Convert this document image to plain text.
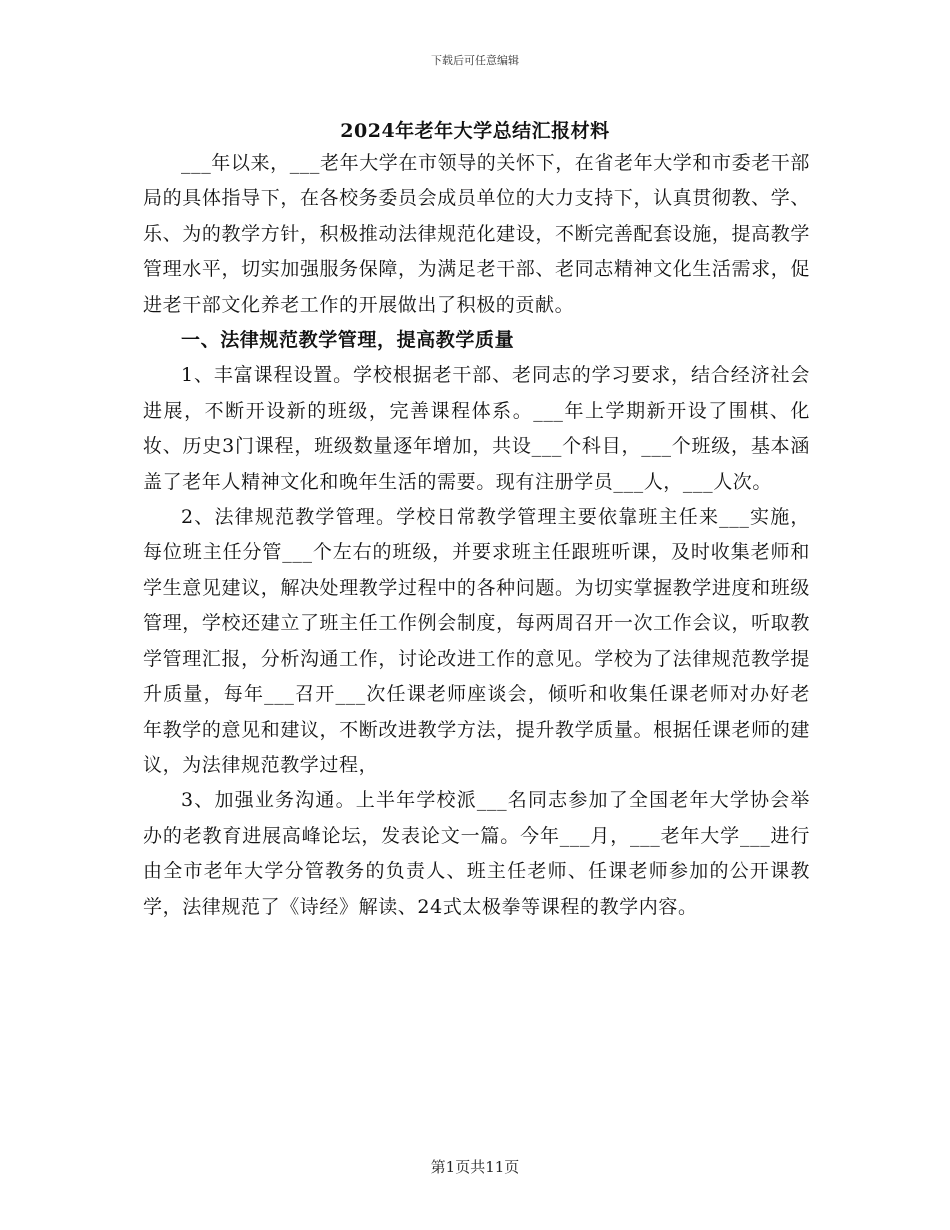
下载后可任意编辑
2024年老年大学总结汇报材料

___年以来，___老年大学在市领导的关怀下，在省老年大学和市委老干部局的具体指导下，在各校务委员会成员单位的大力支持下，认真贯彻教、学、乐、为的教学方针，积极推动法律规范化建设，不断完善配套设施，提高教学管理水平，切实加强服务保障，为满足老干部、老同志精神文化生活需求，促进老干部文化养老工作的开展做出了积极的贡献。

一、法律规范教学管理，提高教学质量

1、丰富课程设置。学校根据老干部、老同志的学习要求，结合经济社会进展，不断开设新的班级，完善课程体系。___年上学期新开设了围棋、化妆、历史3门课程，班级数量逐年增加，共设___个科目，___个班级，基本涵盖了老年人精神文化和晚年生活的需要。现有注册学员___人，___人次。

2、法律规范教学管理。学校日常教学管理主要依靠班主任来___实施，每位班主任分管___个左右的班级，并要求班主任跟班听课，及时收集老师和学生意见建议，解决处理教学过程中的各种问题。为切实掌握教学进度和班级管理，学校还建立了班主任工作例会制度，每两周召开一次工作会议，听取教学管理汇报，分析沟通工作，讨论改进工作的意见。学校为了法律规范教学提升质量，每年___召开___次任课老师座谈会，倾听和收集任课老师对办好老年教学的意见和建议，不断改进教学方法，提升教学质量。根据任课老师的建议，为法律规范教学过程，

3、加强业务沟通。上半年学校派___名同志参加了全国老年大学协会举办的老教育进展高峰论坛，发表论文一篇。今年___月，___老年大学___进行由全市老年大学分管教务的负责人、班主任老师、任课老师参加的公开课教学，法律规范了《诗经》解读、24式太极拳等课程的教学内容。

第1页共11页
